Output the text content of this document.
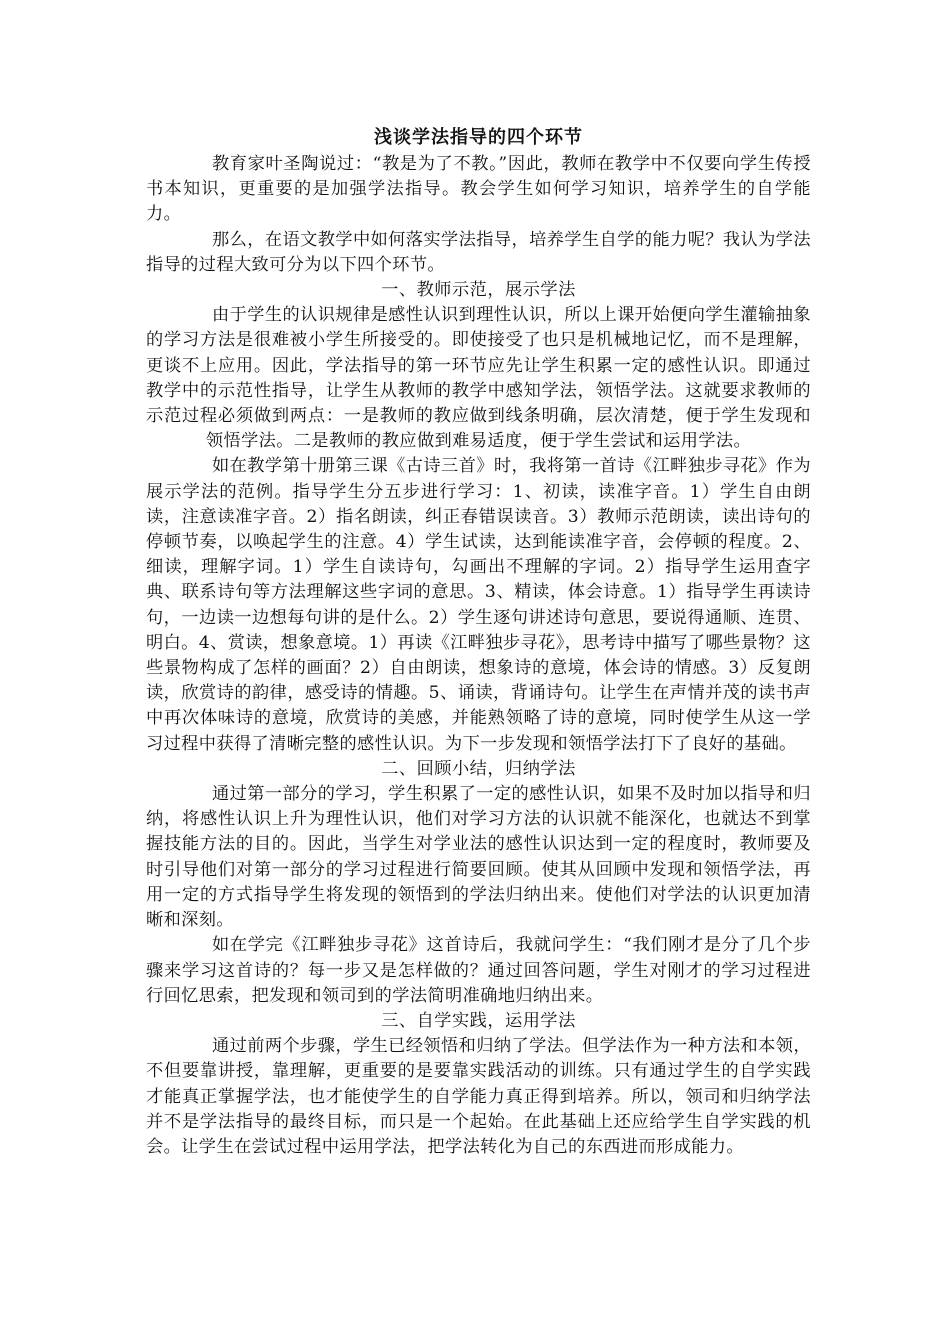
浅谈学法指导的四个环节

教育家叶圣陶说过：“教是为了不教。”因此，教师在教学中不仅要向学生传授书本知识，更重要的是加强学法指导。教会学生如何学习知识，培养学生的自学能力。

那么，在语文教学中如何落实学法指导，培养学生自学的能力呢？我认为学法指导的过程大致可分为以下四个环节。

一、教师示范，展示学法

由于学生的认识规律是感性认识到理性认识，所以上课开始便向学生灌输抽象的学习方法是很难被小学生所接受的。即使接受了也只是机械地记忆，而不是理解，更谈不上应用。因此，学法指导的第一环节应先让学生积累一定的感性认识。即通过教学中的示范性指导，让学生从教师的教学中感知学法，领悟学法。这就要求教师的示范过程必须做到两点：一是教师的教应做到线条明确，层次清楚，便于学生发现和领悟学法。二是教师的教应做到难易适度，便于学生尝试和运用学法。

如在教学第十册第三课《古诗三首》时，我将第一首诗《江畔独步寻花》作为展示学法的范例。指导学生分五步进行学习：1、初读，读准字音。1）学生自由朗读，注意读准字音。2）指名朗读，纠正春错误读音。3）教师示范朗读，读出诗句的停顿节奏，以唤起学生的注意。4）学生试读，达到能读准字音，会停顿的程度。2、细读，理解字词。1）学生自读诗句，勾画出不理解的字词。2）指导学生运用查字典、联系诗句等方法理解这些字词的意思。3、精读，体会诗意。1）指导学生再读诗句，一边读一边想每句讲的是什么。2）学生逐句讲述诗句意思，要说得通顺、连贯、明白。4、赏读，想象意境。1）再读《江畔独步寻花》，思考诗中描写了哪些景物？这些景物构成了怎样的画面？2）自由朗读，想象诗的意境，体会诗的情感。3）反复朗读，欣赏诗的韵律，感受诗的情趣。5、诵读，背诵诗句。让学生在声情并茂的读书声中再次体味诗的意境，欣赏诗的美感，并能熟领略了诗的意境，同时使学生从这一学习过程中获得了清晰完整的感性认识。为下一步发现和领悟学法打下了良好的基础。

二、回顾小结，归纳学法

通过第一部分的学习，学生积累了一定的感性认识，如果不及时加以指导和归纳，将感性认识上升为理性认识，他们对学习方法的认识就不能深化，也就达不到掌握技能方法的目的。因此，当学生对学业法的感性认识达到一定的程度时，教师要及时引导他们对第一部分的学习过程进行简要回顾。使其从回顾中发现和领悟学法，再用一定的方式指导学生将发现的领悟到的学法归纳出来。使他们对学法的认识更加清晰和深刻。

如在学完《江畔独步寻花》这首诗后，我就问学生：“我们刚才是分了几个步骤来学习这首诗的？每一步又是怎样做的？通过回答问题，学生对刚才的学习过程进行回忆思索，把发现和领司到的学法简明准确地归纳出来。

三、自学实践，运用学法

通过前两个步骤，学生已经领悟和归纳了学法。但学法作为一种方法和本领，不但要靠讲授，靠理解，更重要的是要靠实践活动的训练。只有通过学生的自学实践才能真正掌握学法，也才能使学生的自学能力真正得到培养。所以，领司和归纳学法并不是学法指导的最终目标，而只是一个起始。在此基础上还应给学生自学实践的机会。让学生在尝试过程中运用学法，把学法转化为自己的东西进而形成能力。
